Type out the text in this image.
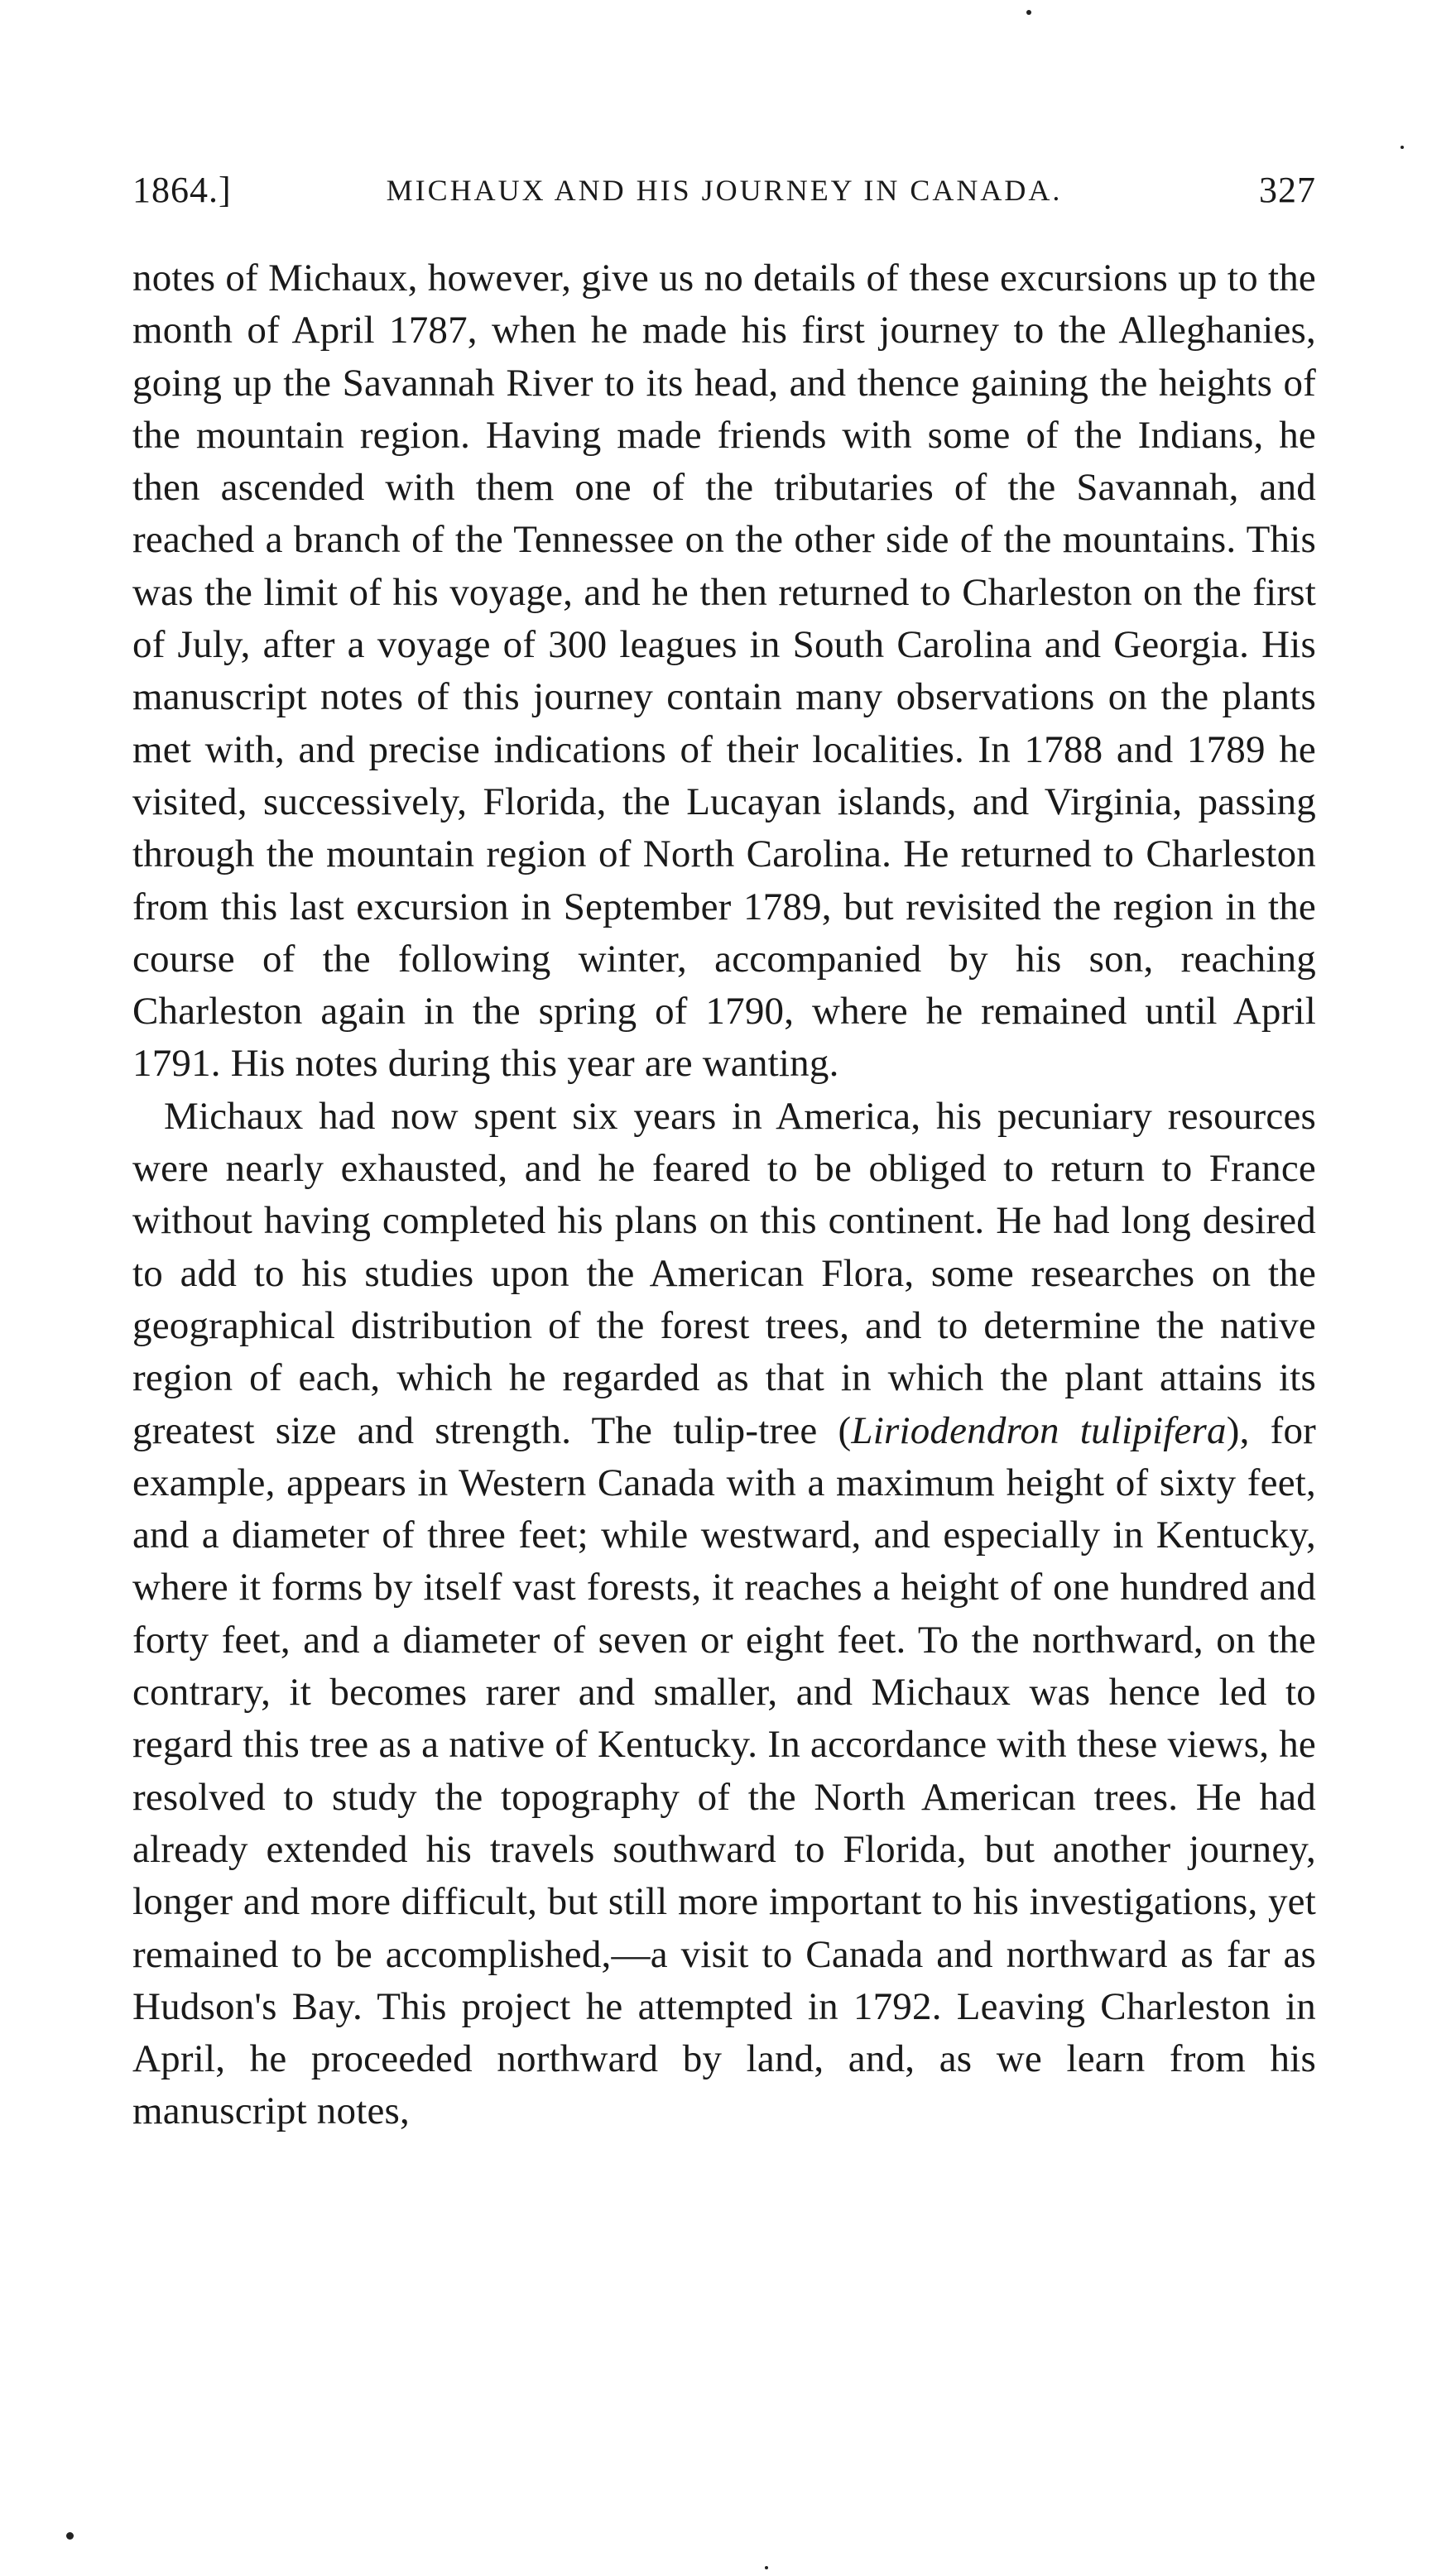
1864.]	MICHAUX AND HIS JOURNEY IN CANADA.	327

notes of Michaux, however, give us no details of these excursions up to the month of April 1787, when he made his first journey to the Alleghanies, going up the Savannah River to its head, and thence gaining the heights of the mountain region. Having made friends with some of the Indians, he then ascended with them one of the tributaries of the Savannah, and reached a branch of the Tennessee on the other side of the mountains. This was the limit of his voyage, and he then returned to Charleston on the first of July, after a voyage of 300 leagues in South Carolina and Georgia. His manuscript notes of this journey contain many observations on the plants met with, and precise indications of their localities. In 1788 and 1789 he visited, successively, Florida, the Lucayan islands, and Virginia, passing through the mountain region of North Carolina. He returned to Charleston from this last excursion in September 1789, but revisited the region in the course of the following winter, accompanied by his son, reaching Charleston again in the spring of 1790, where he remained until April 1791. His notes during this year are wanting.

Michaux had now spent six years in America, his pecuniary resources were nearly exhausted, and he feared to be obliged to return to France without having completed his plans on this continent. He had long desired to add to his studies upon the American Flora, some researches on the geographical distribution of the forest trees, and to determine the native region of each, which he regarded as that in which the plant attains its greatest size and strength. The tulip-tree (Liriodendron tulipifera), for example, appears in Western Canada with a maximum height of sixty feet, and a diameter of three feet; while westward, and especially in Kentucky, where it forms by itself vast forests, it reaches a height of one hundred and forty feet, and a diameter of seven or eight feet. To the northward, on the contrary, it becomes rarer and smaller, and Michaux was hence led to regard this tree as a native of Kentucky. In accordance with these views, he resolved to study the topography of the North American trees. He had already extended his travels southward to Florida, but another journey, longer and more difficult, but still more important to his investigations, yet remained to be accomplished,—a visit to Canada and northward as far as Hudson's Bay. This project he attempted in 1792. Leaving Charleston in April, he proceeded northward by land, and, as we learn from his manuscript notes,
